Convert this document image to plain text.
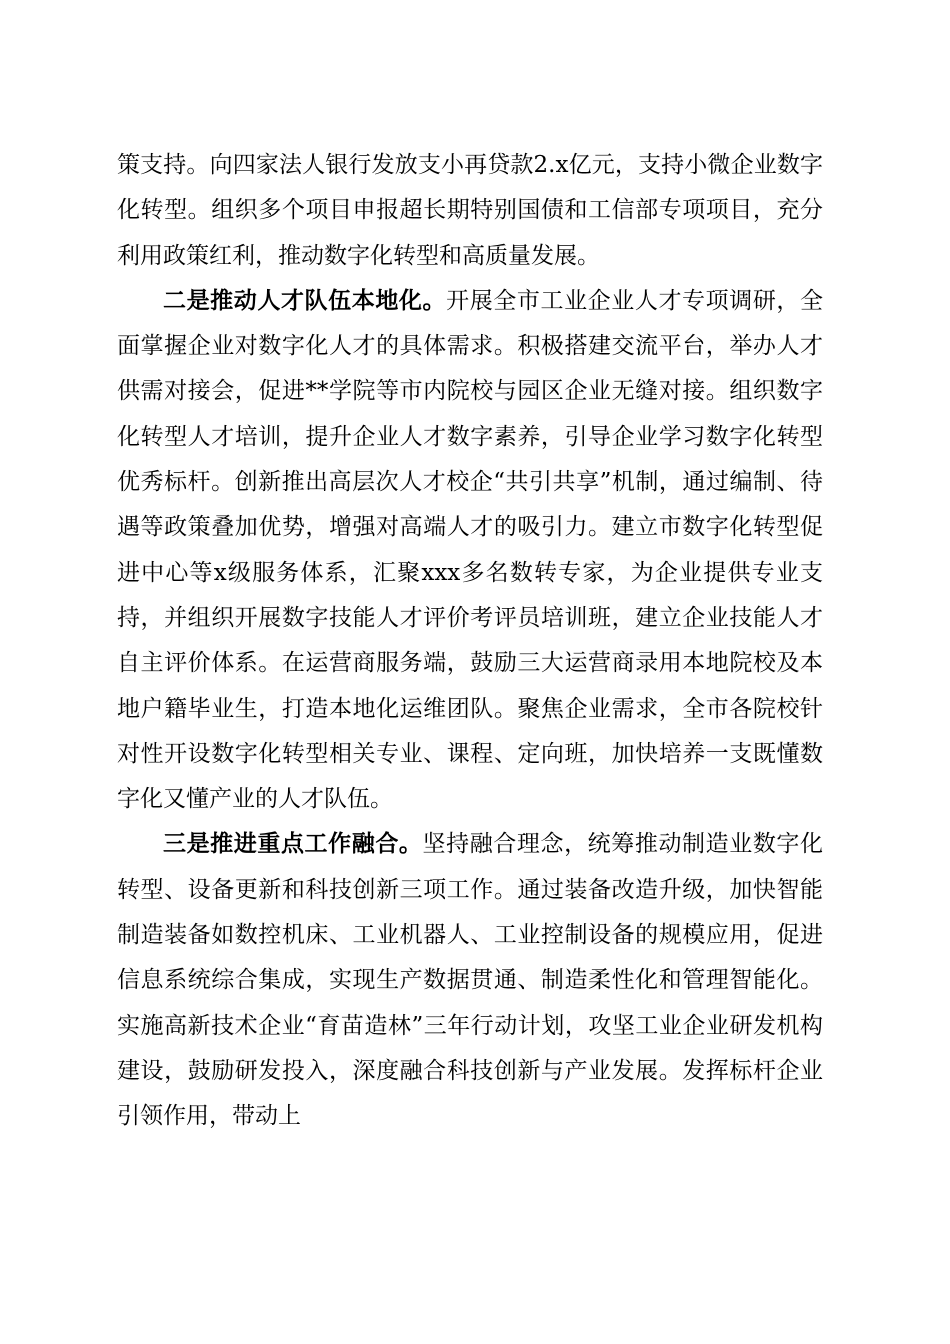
策支持。向四家法人银行发放支小再贷款2.x亿元，支持小微企业数字化转型。组织多个项目申报超长期特别国债和工信部专项项目，充分利用政策红利，推动数字化转型和高质量发展。

二是推动人才队伍本地化。开展全市工业企业人才专项调研，全面掌握企业对数字化人才的具体需求。积极搭建交流平台，举办人才供需对接会，促进**学院等市内院校与园区企业无缝对接。组织数字化转型人才培训，提升企业人才数字素养，引导企业学习数字化转型优秀标杆。创新推出高层次人才校企“共引共享”机制，通过编制、待遇等政策叠加优势，增强对高端人才的吸引力。建立市数字化转型促进中心等x级服务体系，汇聚xxx多名数转专家，为企业提供专业支持，并组织开展数字技能人才评价考评员培训班，建立企业技能人才自主评价体系。在运营商服务端，鼓励三大运营商录用本地院校及本地户籍毕业生，打造本地化运维团队。聚焦企业需求，全市各院校针对性开设数字化转型相关专业、课程、定向班，加快培养一支既懂数字化又懂产业的人才队伍。

三是推进重点工作融合。坚持融合理念，统筹推动制造业数字化转型、设备更新和科技创新三项工作。通过装备改造升级，加快智能制造装备如数控机床、工业机器人、工业控制设备的规模应用，促进信息系统综合集成，实现生产数据贯通、制造柔性化和管理智能化。实施高新技术企业“育苗造林”三年行动计划，攻坚工业企业研发机构建设，鼓励研发投入，深度融合科技创新与产业发展。发挥标杆企业引领作用，带动上
